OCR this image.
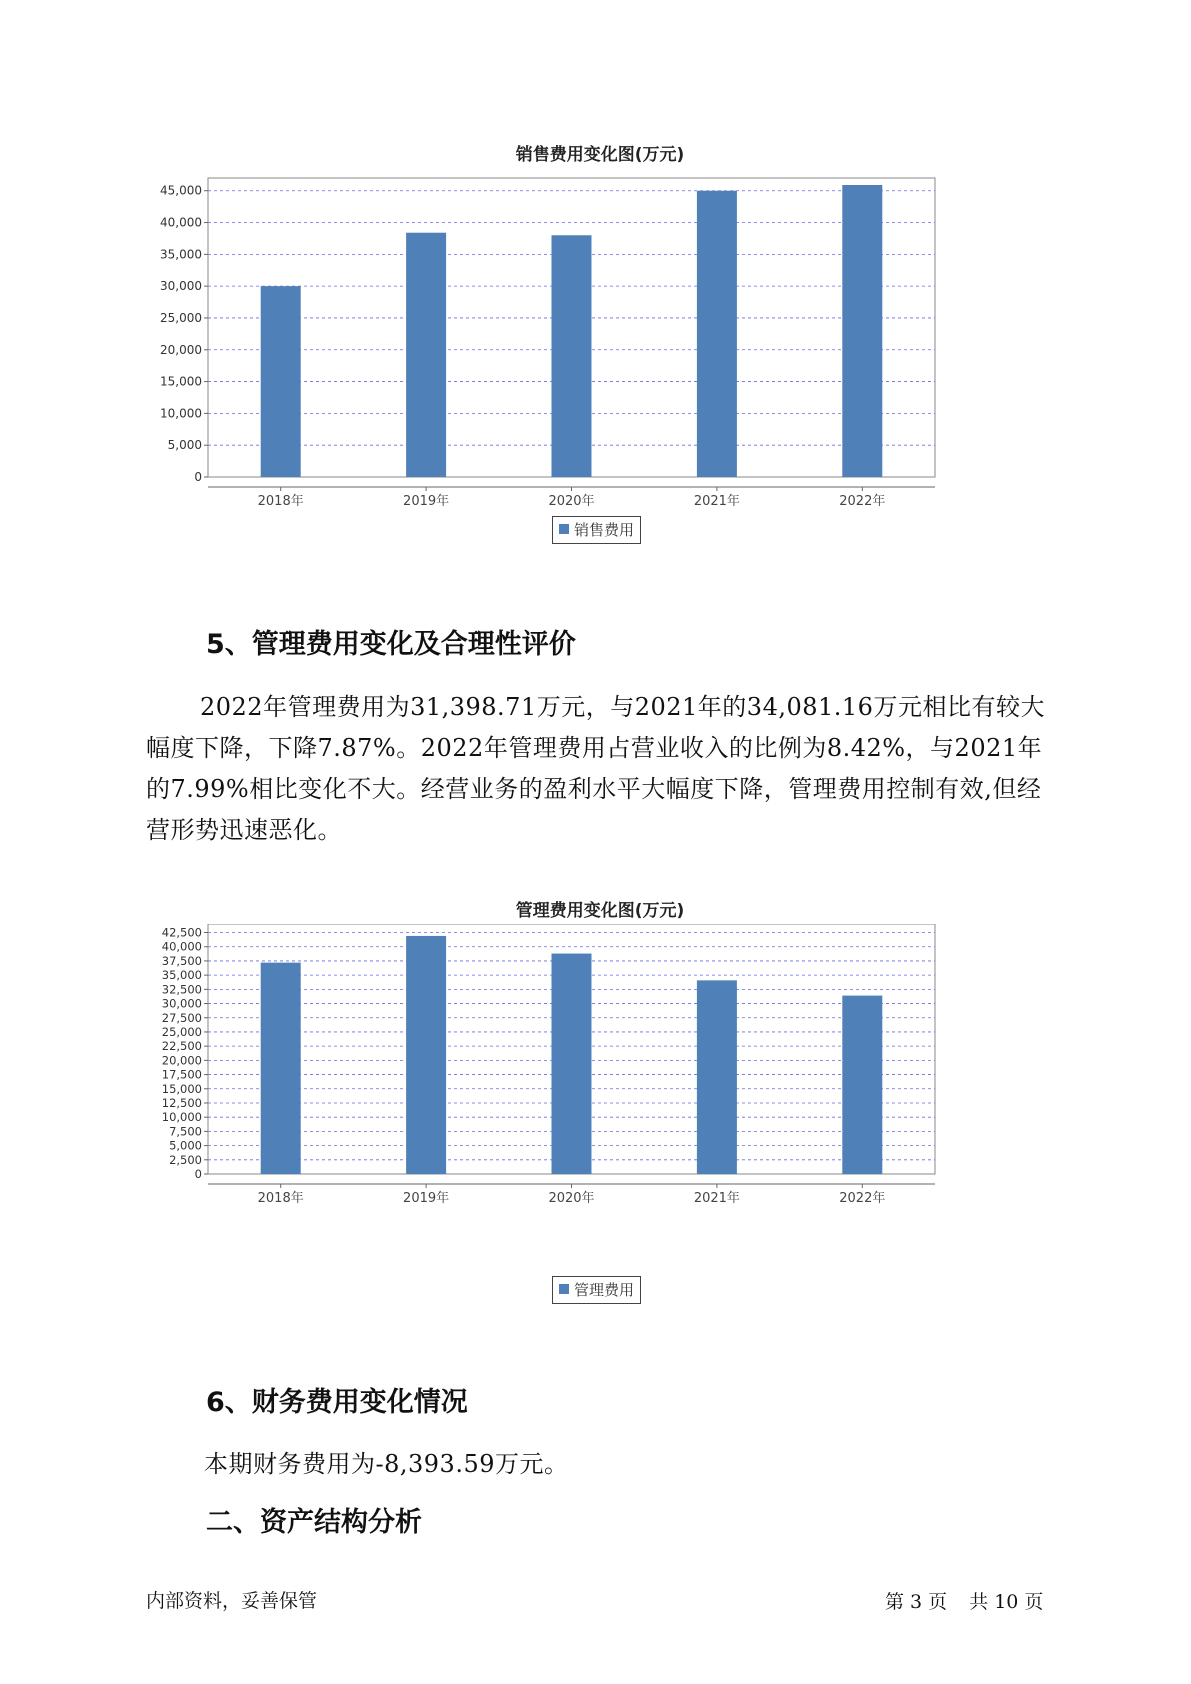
销售费用变化图(万元)
0
5,000
10,000
15,000
20,000
25,000
30,000
35,000
40,000
45,000
2018年	2019年	2020年	2021年	2022年
销售费用
5、管理费用变化及合理性评价
2022年管理费用为31,398.71万元，与2021年的34,081.16万元相比有较大幅度下降，下降7.87%。2022年管理费用占营业收入的比例为8.42%，与2021年的7.99%相比变化不大。经营业务的盈利水平大幅度下降，管理费用控制有效,但经营形势迅速恶化。
管理费用变化图(万元)
0
2,500
5,000
7,500
10,000
12,500
15,000
17,500
20,000
22,500
25,000
27,500
30,000
32,500
35,000
37,500
40,000
42,500
2018年	2019年	2020年	2021年	2022年
管理费用
6、财务费用变化情况
本期财务费用为-8,393.59万元。
二、资产结构分析
内部资料，妥善保管	第 3 页 共 10 页
